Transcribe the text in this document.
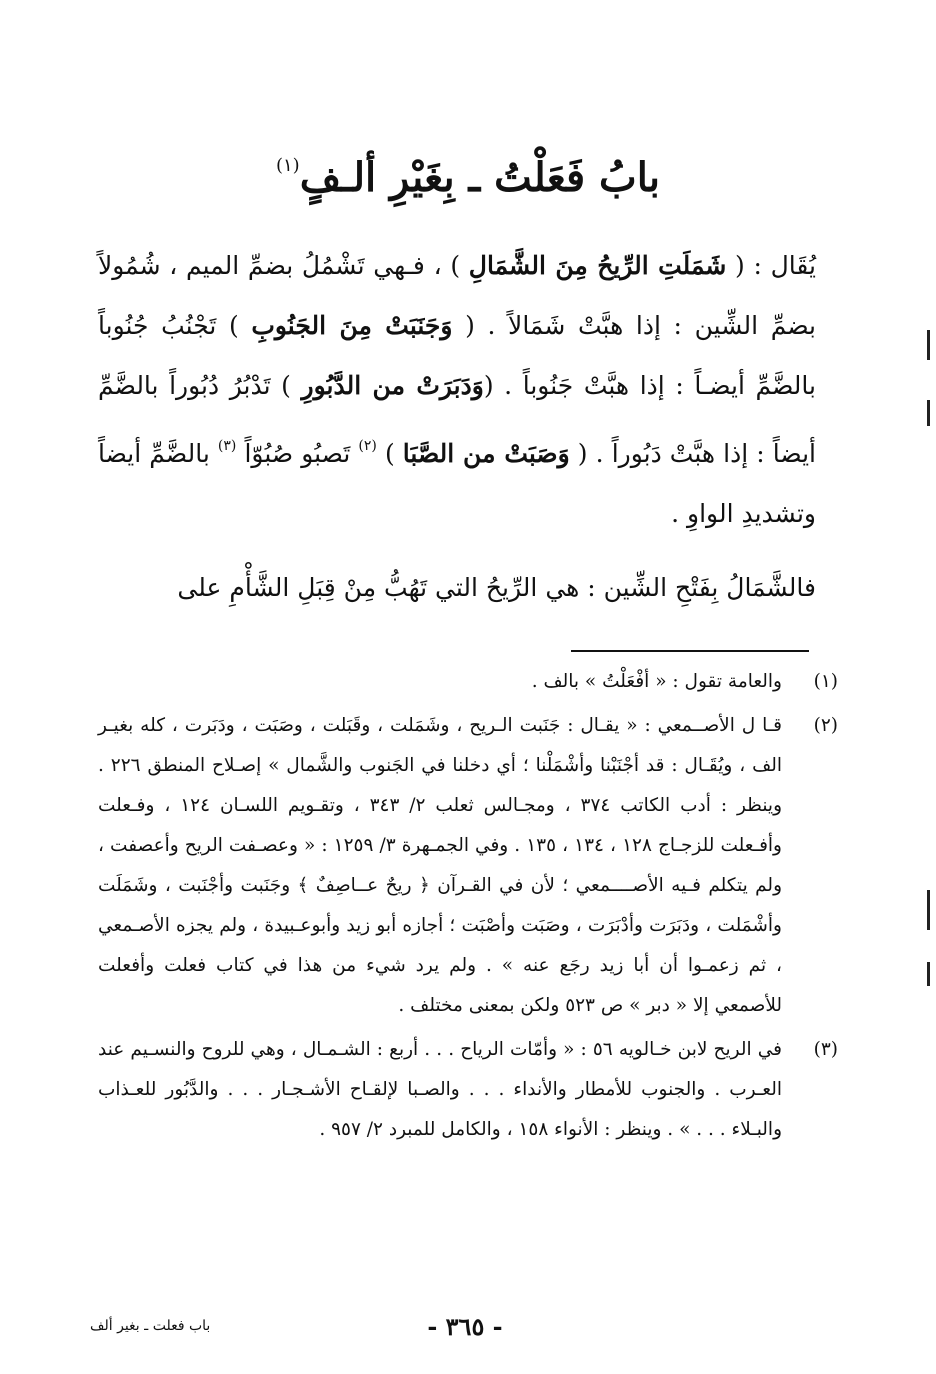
بابُ فَعَلْتُ ـ بِغَيْرِ ألـفٍ$^{(١)}$

يُقَال : ( شَمَلَتِ الرِّيحُ مِنَ الشَّمَالِ ) ، فـهي تَشْمُلُ بضمِّ الميم ، شُمُولاً بضمِّ الشِّين : إذا هبَّتْ شَمَالاً . ( وَجَنَبَتْ مِنَ الجَنُوبِ ) تَجْنُبُ جُنُوباً بالضَّمِّ أيضـاً : إذا هبَّتْ جَنُوباً . (وَدَبَرَتْ من الدَّبُورِ ) تَدْبُرُ دُبُوراً بالضَّمِّ أيضاً : إذا هبَّتْ دَبُوراً . ( وَصَبَتْ من الصَّبَا ) $^{(٢)}$ تَصبُو صُبُوّاً $^{(٣)}$ بالضَّمِّ أيضاً وتشديدِ الواوِ .

فالشَّمَالُ بِفَتْحِ الشِّين : هي الرِّيحُ التي تَهُبُّ مِنْ قِبَلِ الشَّأْمِ على

(١)
والعامة تقول : « أفْعَلْتُ » بالف .
(٢)
قـا ل الأصــمعي : « يقـال : جَنَبت الـريح ، وشَمَلت ، وقَبَلت ، وصَبَت ، ودَبَرت ، كله بغيـر الف ، ويُقَـال : قد أجْنَبْنا وأشْمَلْنا ؛ أي دخلنا في الجَنوب والشَّمال » إصـلاح المنطق ٢٢٦ . وينظر : أدب الكاتب ٣٧٤ ، ومجـالس ثعلب ٢/ ٣٤٣ ، وتقـويم اللسـان ١٢٤ ، وفـعلت وأفـعلت للزجـاج ١٢٨ ، ١٣٤ ، ١٣٥ . وفي الجمـهرة ٣/ ١٢٥٩ : « وعصـفت الريح وأعصفت ، ولم يتكلم فـيه الأصــــمعي ؛ لأن في القـرآن ﴿ ريحٌ عــاصِفٌ ﴾ وجَنَبت وأجْنَبت ، وشَمَلَت وأشْمَلت ، ودَبَرَت وأدْبَرَت ، وصَبَت وأصْبَت ؛ أجازه أبو زيد وأبوعـبيدة ، ولم يجزه الأصـمعي ، ثم زعمـوا أن أبا زيد رجَع عنه » . ولم يرد شيء من هذا في كتاب فعلت وأفعلت للأصمعي إلا « دبر » ص ٥٢٣ ولكن بمعنى مختلف .
(٣)
في الريح لابن خـالويه ٥٦ : « وأمّات الرياح . . . أربع : الشـمـال ، وهي للروح والنسـيم عند العـرب . والجنوب للأمطار والأنداء . . . والصـبا لإلقـاح الأشـجـار . . . والدَّبُور للعـذاب والبـلاء . . . » . وينظر : الأنواء ١٥٨ ، والكامل للمبرد ٢/ ٩٥٧ .
- ٣٦٥ -
باب فعلت ـ بغير ألف
